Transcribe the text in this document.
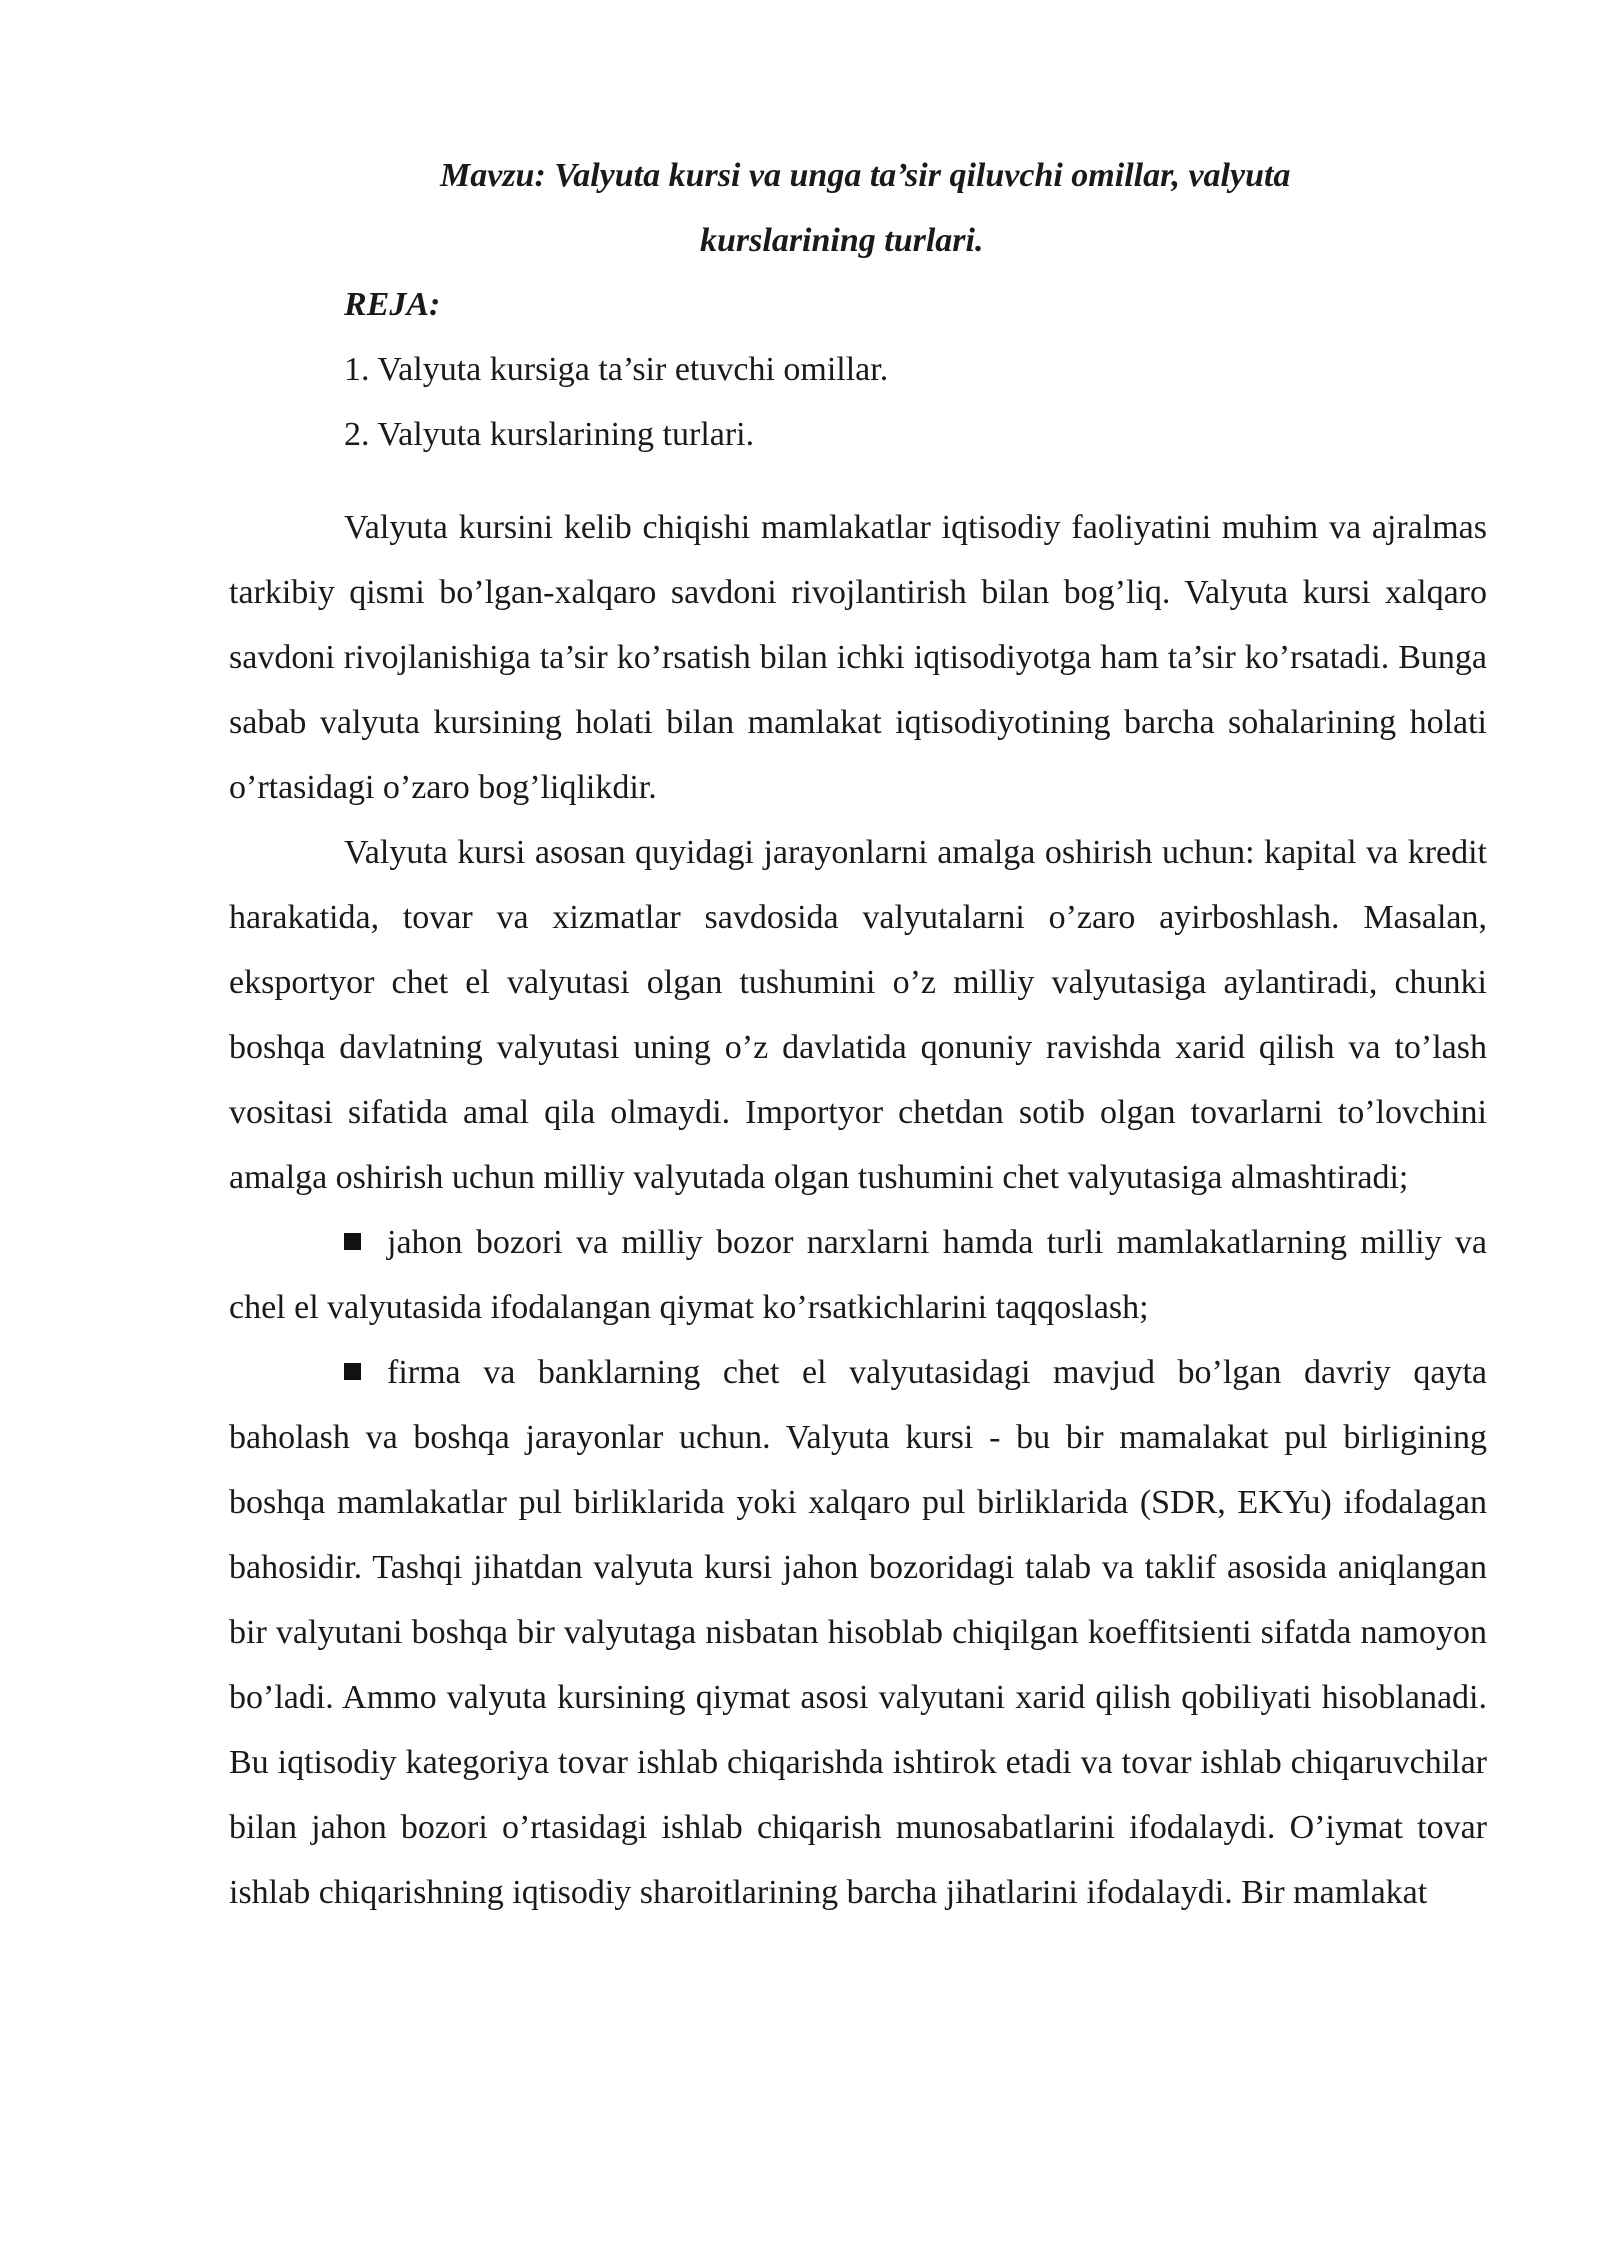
Mavzu: Valyuta kursi va unga ta’sir qiluvchi omillar, valyuta
kurslarining turlari.
REJA:
1. Valyuta kursiga ta’sir etuvchi omillar.
2. Valyuta kurslarining turlari.

Valyuta kursini kelib chiqishi mamlakatlar iqtisodiy faoliyatini muhim va ajralmas tarkibiy qismi bo’lgan-xalqaro savdoni rivojlantirish bilan bog’liq. Valyuta kursi xalqaro savdoni rivojlanishiga ta’sir ko’rsatish bilan ichki iqtisodiyotga ham ta’sir ko’rsatadi. Bunga sabab valyuta kursining holati bilan mamlakat iqtisodiyotining barcha sohalarining holati o’rtasidagi o’zaro bog’liqlikdir.

Valyuta kursi asosan quyidagi jarayonlarni amalga oshirish uchun: kapital va kredit harakatida, tovar va xizmatlar savdosida valyutalarni o’zaro ayirboshlash. Masalan, eksportyor chet el valyutasi olgan tushumini o’z milliy valyutasiga aylantiradi, chunki boshqa davlatning valyutasi uning o’z davlatida qonuniy ravishda xarid qilish va to’lash vositasi sifatida amal qila olmaydi. Importyor chetdan sotib olgan tovarlarni to’lovchini amalga oshirish uchun milliy valyutada olgan tushumini chet valyutasiga almashtiradi;

jahon bozori va milliy bozor narxlarni hamda turli mamlakatlarning milliy va chel el valyutasida ifodalangan qiymat ko’rsatkichlarini taqqoslash;

firma va banklarning chet el valyutasidagi mavjud bo’lgan davriy qayta baholash va boshqa jarayonlar uchun. Valyuta kursi - bu bir mamalakat pul birligining boshqa mamlakatlar pul birliklarida yoki xalqaro pul birliklarida (SDR, EKYu) ifodalagan bahosidir. Tashqi jihatdan valyuta kursi jahon bozoridagi talab va taklif asosida aniqlangan bir valyutani boshqa bir valyutaga nisbatan hisoblab chiqilgan koeffitsienti sifatda namoyon bo’ladi. Ammo valyuta kursining qiymat asosi valyutani xarid qilish qobiliyati hisoblanadi. Bu iqtisodiy kategoriya tovar ishlab chiqarishda ishtirok etadi va tovar ishlab chiqaruvchilar bilan jahon bozori o’rtasidagi ishlab chiqarish munosabatlarini ifodalaydi. O’iymat tovar ishlab chiqarishning iqtisodiy sharoitlarining barcha jihatlarini ifodalaydi. Bir mamlakat
